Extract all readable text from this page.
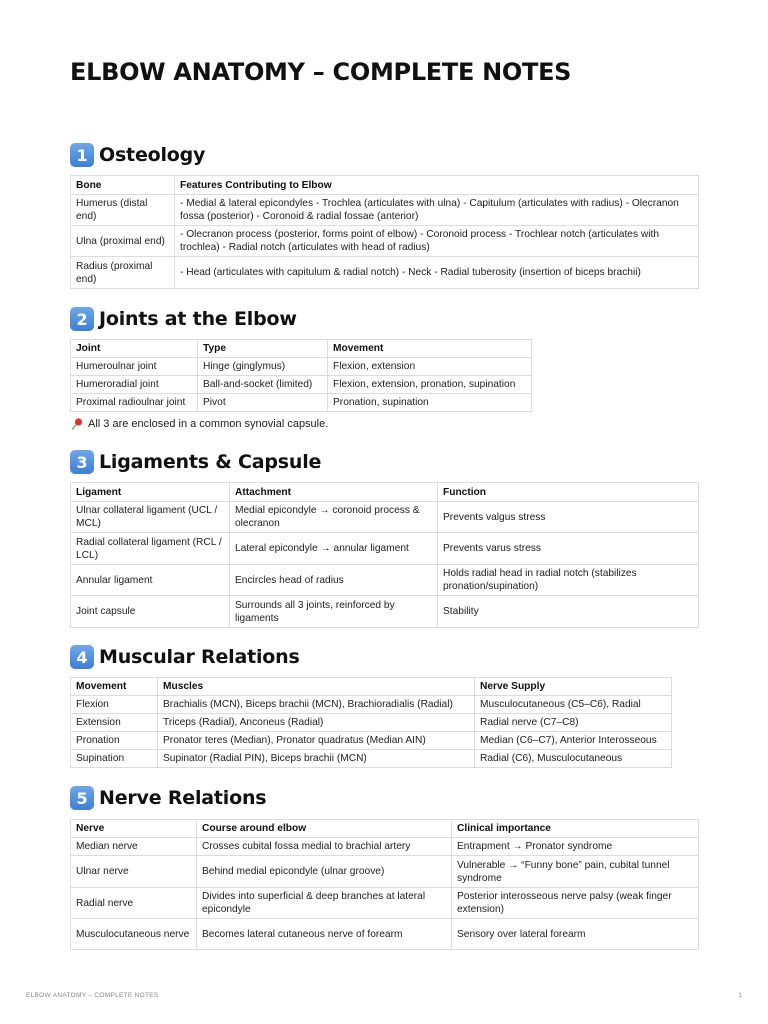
ELBOW ANATOMY – COMPLETE NOTES
1 Osteology
Bone	Features Contributing to Elbow
Humerus (distal end)	- Medial & lateral epicondyles - Trochlea (articulates with ulna) - Capitulum (articulates with radius) - Olecranon fossa (posterior) - Coronoid & radial fossae (anterior)
Ulna (proximal end)	- Olecranon process (posterior, forms point of elbow) - Coronoid process - Trochlear notch (articulates with trochlea) - Radial notch (articulates with head of radius)
Radius (proximal end)	- Head (articulates with capitulum & radial notch) - Neck - Radial tuberosity (insertion of biceps brachii)
2 Joints at the Elbow
Joint	Type	Movement
Humeroulnar joint	Hinge (ginglymus)	Flexion, extension
Humeroradial joint	Ball-and-socket (limited)	Flexion, extension, pronation, supination
Proximal radioulnar joint	Pivot	Pronation, supination
All 3 are enclosed in a common synovial capsule.
3 Ligaments & Capsule
Ligament	Attachment	Function
Ulnar collateral ligament (UCL / MCL)	Medial epicondyle → coronoid process & olecranon	Prevents valgus stress
Radial collateral ligament (RCL / LCL)	Lateral epicondyle → annular ligament	Prevents varus stress
Annular ligament	Encircles head of radius	Holds radial head in radial notch (stabilizes pronation/supination)
Joint capsule	Surrounds all 3 joints, reinforced by ligaments	Stability
4 Muscular Relations
Movement	Muscles	Nerve Supply
Flexion	Brachialis (MCN), Biceps brachii (MCN), Brachioradialis (Radial)	Musculocutaneous (C5–C6), Radial
Extension	Triceps (Radial), Anconeus (Radial)	Radial nerve (C7–C8)
Pronation	Pronator teres (Median), Pronator quadratus (Median AIN)	Median (C6–C7), Anterior Interosseous
Supination	Supinator (Radial PIN), Biceps brachii (MCN)	Radial (C6), Musculocutaneous
5 Nerve Relations
Nerve	Course around elbow	Clinical importance
Median nerve	Crosses cubital fossa medial to brachial artery	Entrapment → Pronator syndrome
Ulnar nerve	Behind medial epicondyle (ulnar groove)	Vulnerable → “Funny bone” pain, cubital tunnel syndrome
Radial nerve	Divides into superficial & deep branches at lateral epicondyle	Posterior interosseous nerve palsy (weak finger extension)
Musculocutaneous nerve	Becomes lateral cutaneous nerve of forearm	Sensory over lateral forearm
ELBOW ANATOMY – COMPLETE NOTES	1
